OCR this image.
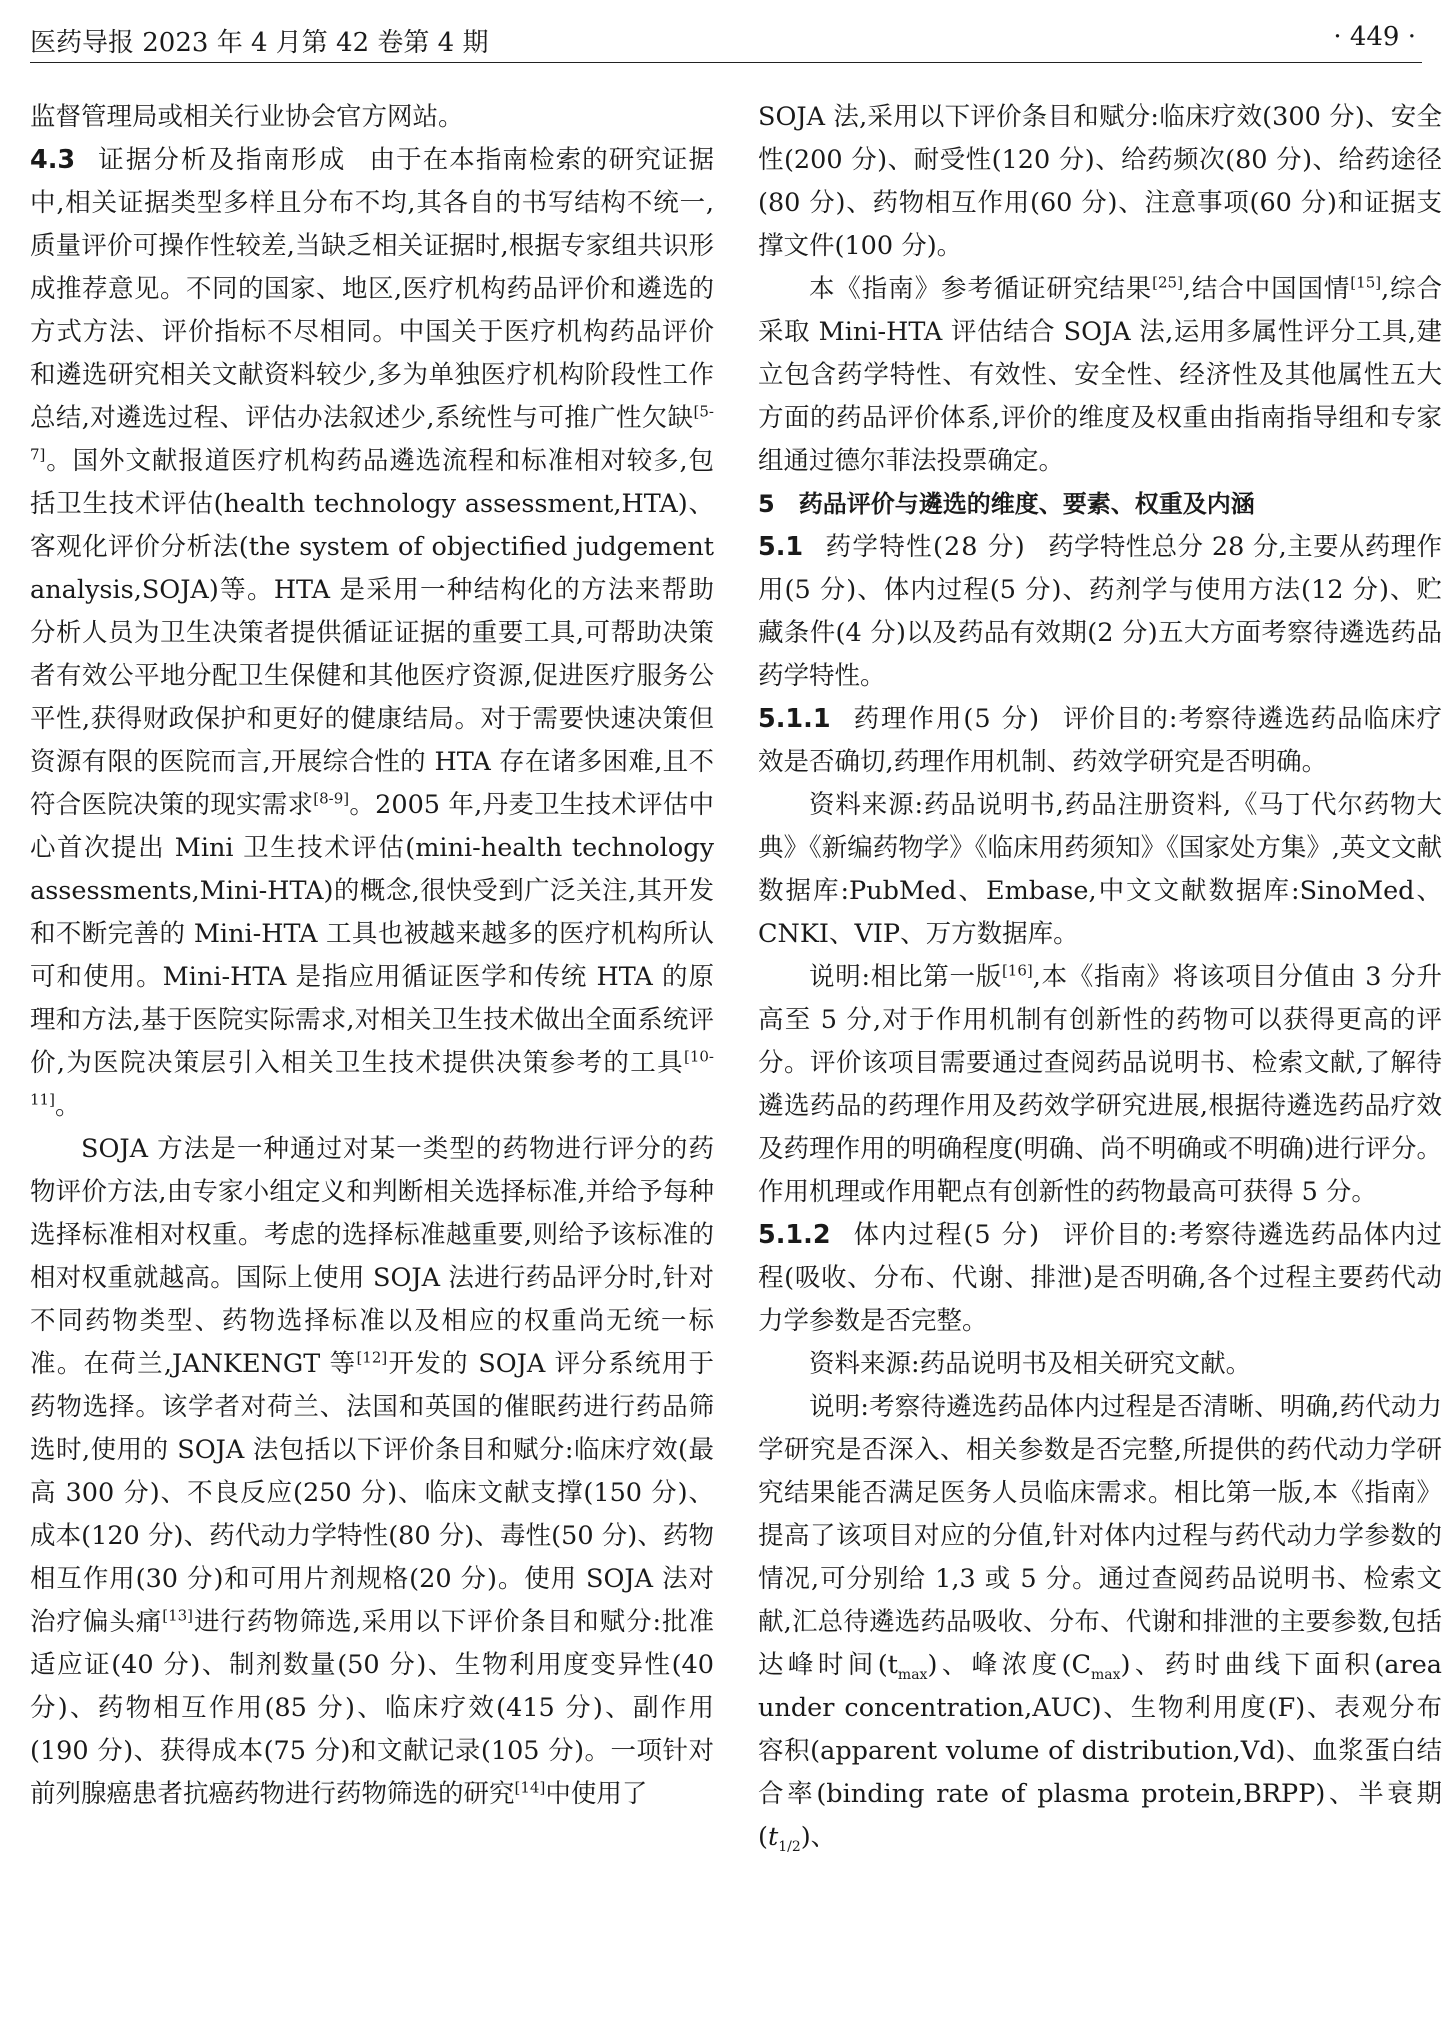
医药导报 2023 年 4 月第 42 卷第 4 期	· 449 ·

监督管理局或相关行业协会官方网站。

4.3 证据分析及指南形成 由于在本指南检索的研究证据中,相关证据类型多样且分布不均,其各自的书写结构不统一,质量评价可操作性较差,当缺乏相关证据时,根据专家组共识形成推荐意见。不同的国家、地区,医疗机构药品评价和遴选的方式方法、评价指标不尽相同。中国关于医疗机构药品评价和遴选研究相关文献资料较少,多为单独医疗机构阶段性工作总结,对遴选过程、评估办法叙述少,系统性与可推广性欠缺[5-7]。国外文献报道医疗机构药品遴选流程和标准相对较多,包括卫生技术评估(health technology assessment,HTA)、客观化评价分析法(the system of objectified judgement analysis,SOJA)等。HTA 是采用一种结构化的方法来帮助分析人员为卫生决策者提供循证证据的重要工具,可帮助决策者有效公平地分配卫生保健和其他医疗资源,促进医疗服务公平性,获得财政保护和更好的健康结局。对于需要快速决策但资源有限的医院而言,开展综合性的 HTA 存在诸多困难,且不符合医院决策的现实需求[8-9]。2005 年,丹麦卫生技术评估中心首次提出 Mini 卫生技术评估(mini-health technology assessments,Mini-HTA)的概念,很快受到广泛关注,其开发和不断完善的 Mini-HTA 工具也被越来越多的医疗机构所认可和使用。Mini-HTA 是指应用循证医学和传统 HTA 的原理和方法,基于医院实际需求,对相关卫生技术做出全面系统评价,为医院决策层引入相关卫生技术提供决策参考的工具[10-11]。

SOJA 方法是一种通过对某一类型的药物进行评分的药物评价方法,由专家小组定义和判断相关选择标准,并给予每种选择标准相对权重。考虑的选择标准越重要,则给予该标准的相对权重就越高。国际上使用 SOJA 法进行药品评分时,针对不同药物类型、药物选择标准以及相应的权重尚无统一标准。在荷兰,JANKENGT 等[12]开发的 SOJA 评分系统用于药物选择。该学者对荷兰、法国和英国的催眠药进行药品筛选时,使用的 SOJA 法包括以下评价条目和赋分:临床疗效(最高 300 分)、不良反应(250 分)、临床文献支撑(150 分)、成本(120 分)、药代动力学特性(80 分)、毒性(50 分)、药物相互作用(30 分)和可用片剂规格(20 分)。使用 SOJA 法对治疗偏头痛[13]进行药物筛选,采用以下评价条目和赋分:批准适应证(40 分)、制剂数量(50 分)、生物利用度变异性(40 分)、药物相互作用(85 分)、临床疗效(415 分)、副作用(190 分)、获得成本(75 分)和文献记录(105 分)。一项针对前列腺癌患者抗癌药物进行药物筛选的研究[14]中使用了

SOJA 法,采用以下评价条目和赋分:临床疗效(300 分)、安全性(200 分)、耐受性(120 分)、给药频次(80 分)、给药途径(80 分)、药物相互作用(60 分)、注意事项(60 分)和证据支撑文件(100 分)。

本《指南》参考循证研究结果[25],结合中国国情[15],综合采取 Mini-HTA 评估结合 SOJA 法,运用多属性评分工具,建立包含药学特性、有效性、安全性、经济性及其他属性五大方面的药品评价体系,评价的维度及权重由指南指导组和专家组通过德尔菲法投票确定。

5　药品评价与遴选的维度、要素、权重及内涵

5.1 药学特性(28 分) 药学特性总分 28 分,主要从药理作用(5 分)、体内过程(5 分)、药剂学与使用方法(12 分)、贮藏条件(4 分)以及药品有效期(2 分)五大方面考察待遴选药品药学特性。

5.1.1 药理作用(5 分) 评价目的:考察待遴选药品临床疗效是否确切,药理作用机制、药效学研究是否明确。

资料来源:药品说明书,药品注册资料,《马丁代尔药物大典》《新编药物学》《临床用药须知》《国家处方集》,英文文献数据库:PubMed、Embase,中文文献数据库:SinoMed、CNKI、VIP、万方数据库。

说明:相比第一版[16],本《指南》将该项目分值由 3 分升高至 5 分,对于作用机制有创新性的药物可以获得更高的评分。评价该项目需要通过查阅药品说明书、检索文献,了解待遴选药品的药理作用及药效学研究进展,根据待遴选药品疗效及药理作用的明确程度(明确、尚不明确或不明确)进行评分。作用机理或作用靶点有创新性的药物最高可获得 5 分。

5.1.2 体内过程(5 分) 评价目的:考察待遴选药品体内过程(吸收、分布、代谢、排泄)是否明确,各个过程主要药代动力学参数是否完整。

资料来源:药品说明书及相关研究文献。

说明:考察待遴选药品体内过程是否清晰、明确,药代动力学研究是否深入、相关参数是否完整,所提供的药代动力学研究结果能否满足医务人员临床需求。相比第一版,本《指南》提高了该项目对应的分值,针对体内过程与药代动力学参数的情况,可分别给 1,3 或 5 分。通过查阅药品说明书、检索文献,汇总待遴选药品吸收、分布、代谢和排泄的主要参数,包括达峰时间$(t_{max})$、峰浓度$(C_{max})$、药时曲线下面积(area under concentration,AUC)、生物利用度(F)、表观分布容积(apparent volume of distribution,Vd)、血浆蛋白结合率(binding rate of plasma protein,BRPP)、半衰期$(t_{1/2})$、
